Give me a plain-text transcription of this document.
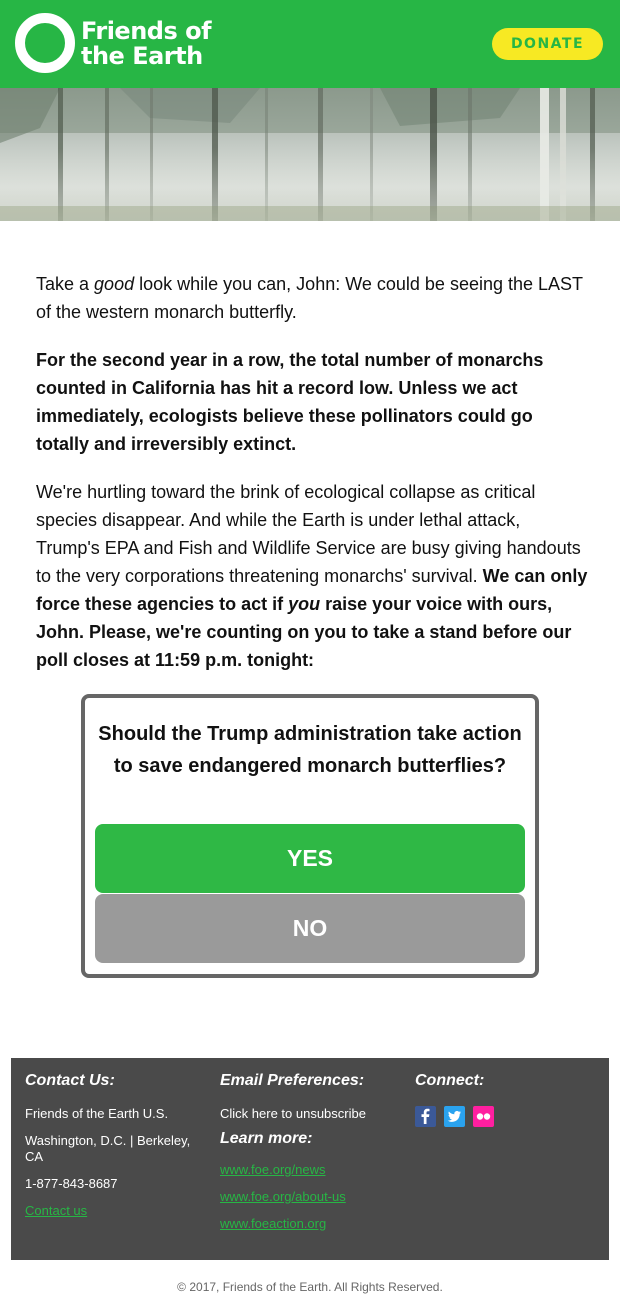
Friends of
the Earth	DONATE

Take a good look while you can, John: We could be seeing the LAST of the western monarch butterfly.

For the second year in a row, the total number of monarchs counted in California has hit a record low. Unless we act immediately, ecologists believe these pollinators could go totally and irreversibly extinct.

We're hurtling toward the brink of ecological collapse as critical species disappear. And while the Earth is under lethal attack, Trump's EPA and Fish and Wildlife Service are busy giving handouts to the very corporations threatening monarchs' survival. We can only force these agencies to act if you raise your voice with ours, John. Please, we're counting on you to take a stand before our poll closes at 11:59 p.m. tonight:

Should the Trump administration take action to save endangered monarch butterflies?
YES
NO
Contact Us:
Friends of the Earth U.S.
Washington, D.C. | Berkeley, CA
1-877-843-8687
Contact us
Email Preferences:
Click here to unsubscribe
Learn more:
www.foe.org/news
www.foe.org/about-us
www.foeaction.org
Connect:
© 2017, Friends of the Earth. All Rights Reserved.
